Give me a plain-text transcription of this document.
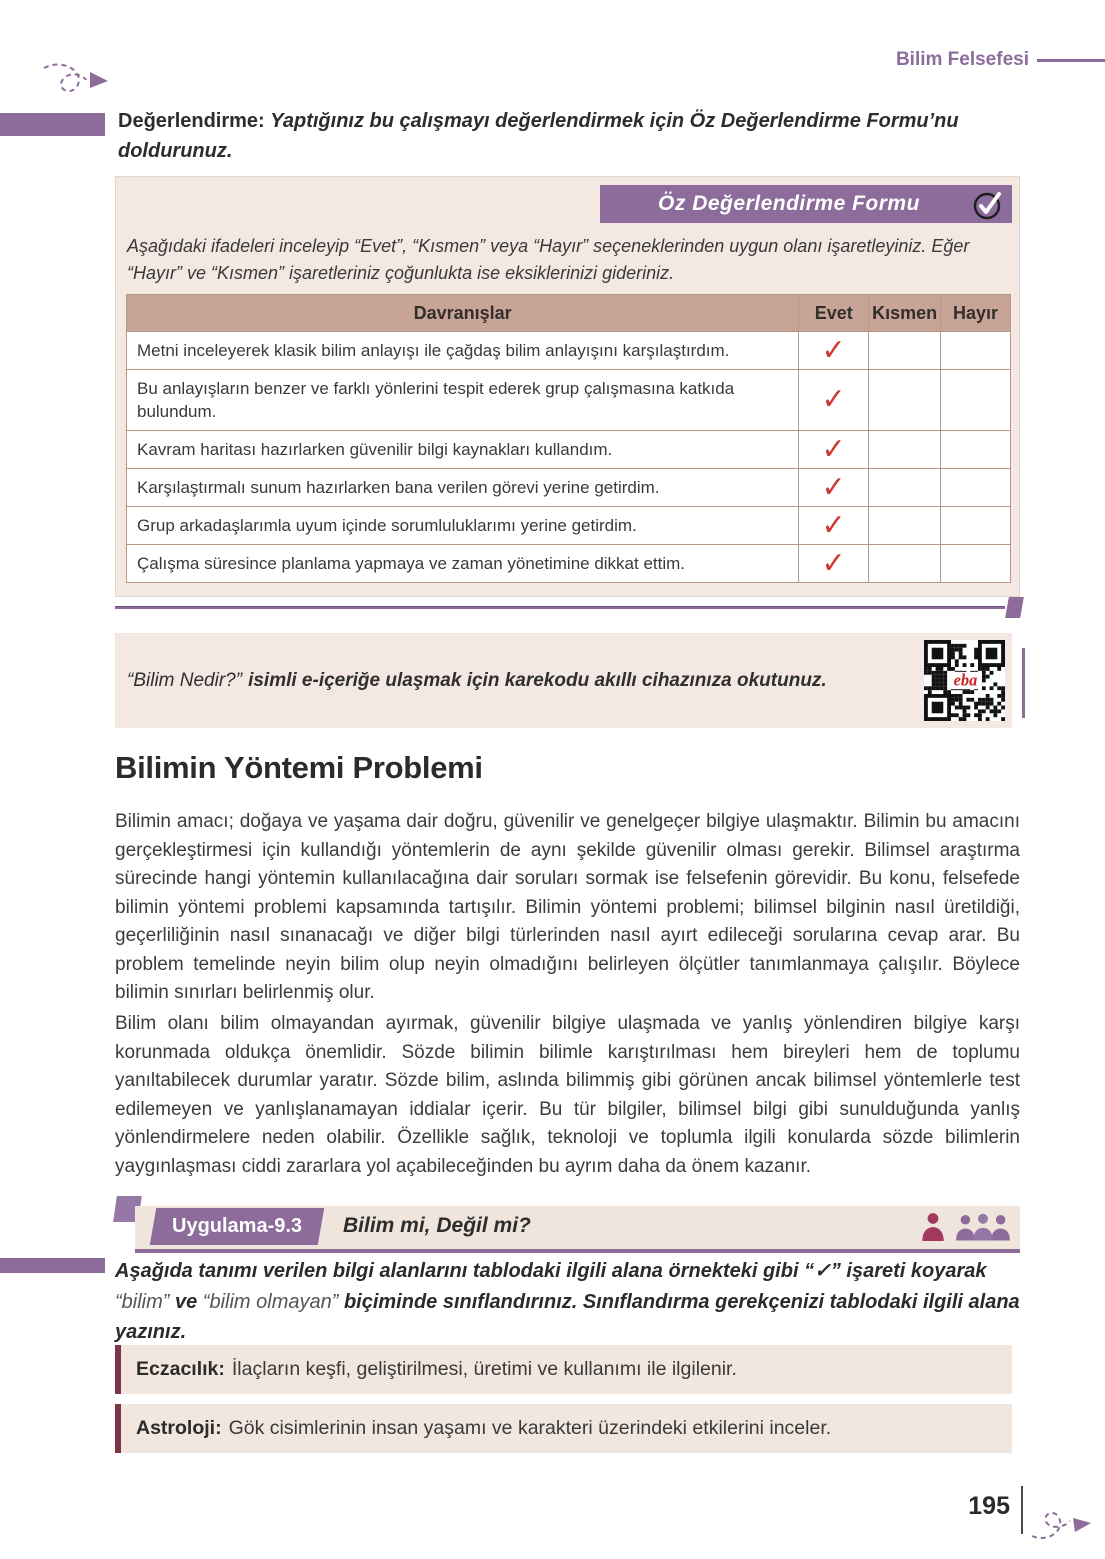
Bilim Felsefesi
Değerlendirme: Yaptığınız bu çalışmayı değerlendirmek için Öz Değerlendirme Formu’nu doldurunuz.
Öz Değerlendirme Formu
Aşağıdaki ifadeleri inceleyip “Evet”, “Kısmen” veya “Hayır” seçeneklerinden uygun olanı işaretleyiniz. Eğer “Hayır” ve “Kısmen” işaretleriniz çoğunlukta ise eksiklerinizi gideriniz.
Davranışlar	Evet	Kısmen	Hayır
Metni inceleyerek klasik bilim anlayışı ile çağdaş bilim anlayışını karşılaştırdım.	✓		
Bu anlayışların benzer ve farklı yönlerini tespit ederek grup çalışmasına katkıda bulundum.	✓		
Kavram haritası hazırlarken güvenilir bilgi kaynakları kullandım.	✓		
Karşılaştırmalı sunum hazırlarken bana verilen görevi yerine getirdim.	✓		
Grup arkadaşlarımla uyum içinde sorumluluklarımı yerine getirdim.	✓		
Çalışma süresince planlama yapmaya ve zaman yönetimine dikkat ettim.	✓		
“Bilim Nedir?” isimli e-içeriğe ulaşmak için karekodu akıllı cihazınıza okutunuz.	eba
Bilimin Yöntemi Problemi

Bilimin amacı; doğaya ve yaşama dair doğru, güvenilir ve genelgeçer bilgiye ulaşmaktır. Bilimin bu amacını gerçekleştirmesi için kullandığı yöntemlerin de aynı şekilde güvenilir olması gerekir. Bilimsel araştırma sürecinde hangi yöntemin kullanılacağına dair soruları sormak ise felsefenin görevidir. Bu konu, felsefede bilimin yöntemi problemi kapsamında tartışılır. Bilimin yöntemi problemi; bilimsel bilginin nasıl üretildiği, geçerliliğinin nasıl sınanacağı ve diğer bilgi türlerinden nasıl ayırt edileceği sorularına cevap arar. Bu problem temelinde neyin bilim olup neyin olmadığını belirleyen ölçütler tanımlanmaya çalışılır. Böylece bilimin sınırları belirlenmiş olur.

Bilim olanı bilim olmayandan ayırmak, güvenilir bilgiye ulaşmada ve yanlış yönlendiren bilgiye karşı korunmada oldukça önemlidir. Sözde bilimin bilimle karıştırılması hem bireyleri hem de toplumu yanıltabilecek durumlar yaratır. Sözde bilim, aslında bilimmiş gibi görünen ancak bilimsel yöntemlerle test edilemeyen ve yanlışlanamayan iddialar içerir. Bu tür bilgiler, bilimsel bilgi gibi sunulduğunda yanlış yönlendirmelere neden olabilir. Özellikle sağlık, teknoloji ve toplumla ilgili konularda sözde bilimlerin yaygınlaşması ciddi zararlara yol açabileceğinden bu ayrım daha da önem kazanır.

Uygulama-9.3 Bilim mi, Değil mi?
Aşağıda tanımı verilen bilgi alanlarını tablodaki ilgili alana örnekteki gibi “✓” işareti koyarak “bilim” ve “bilim olmayan” biçiminde sınıflandırınız. Sınıflandırma gerekçenizi tablodaki ilgili alana yazınız.
Eczacılık: İlaçların keşfi, geliştirilmesi, üretimi ve kullanımı ile ilgilenir.
Astroloji: Gök cisimlerinin insan yaşamı ve karakteri üzerindeki etkilerini inceler.
195
